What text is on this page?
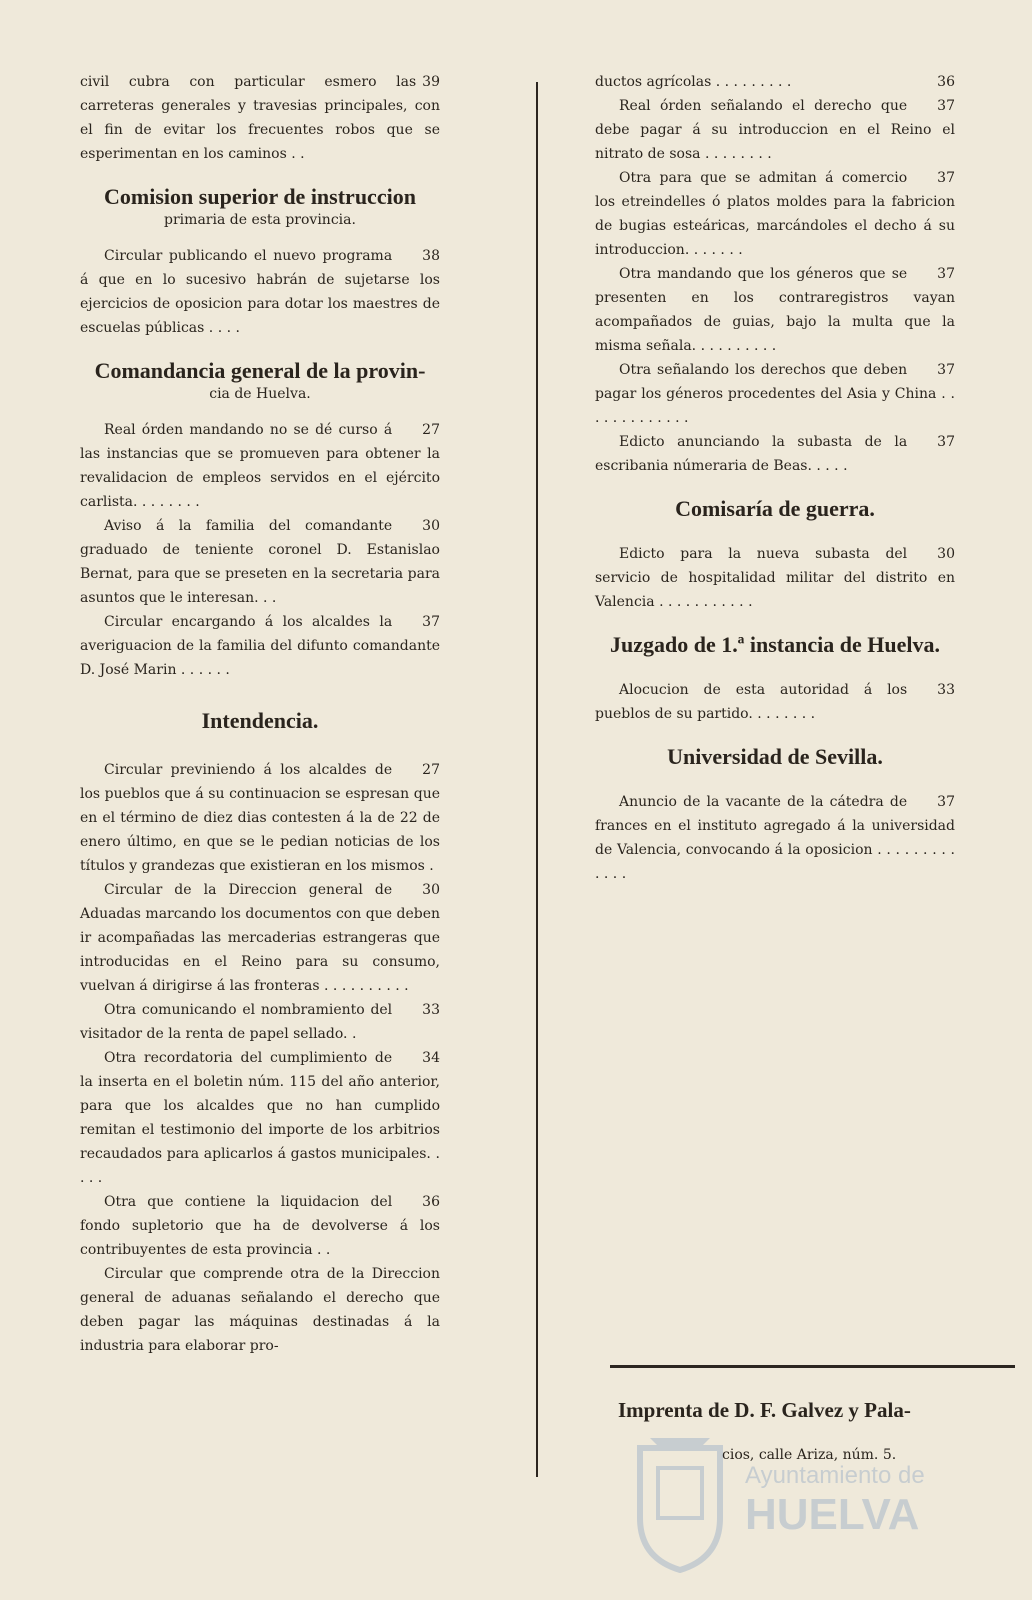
39
civil cubra con particular esmero las carreteras generales y travesias principales, con el fin de evitar los frecuentes robos que se esperimentan en los caminos . .

Comision superior de instruccion
primaria de esta provincia.

38
Circular publicando el nuevo programa á que en lo sucesivo habrán de sujetarse los ejercicios de oposicion para dotar los maestres de escuelas públicas . . . .

Comandancia general de la provin-
cia de Huelva.

27
Real órden mandando no se dé curso á las instancias que se promueven para obtener la revalidacion de empleos servidos en el ejército carlista. . . . . . . .

30
Aviso á la familia del comandante graduado de teniente coronel D. Estanislao Bernat, para que se preseten en la secretaria para asuntos que le interesan. . .

37
Circular encargando á los alcaldes la averiguacion de la familia del difunto comandante D. José Marin . . . . . .

Intendencia.

27
Circular previniendo á los alcaldes de los pueblos que á su continuacion se espresan que en el término de diez dias contesten á la de 22 de enero último, en que se le pedian noticias de los títulos y grandezas que existieran en los mismos .

30
Circular de la Direccion general de Aduadas marcando los documentos con que deben ir acompañadas las mercaderias estrangeras que introducidas en el Reino para su consumo, vuelvan á dirigirse á las fronteras . . . . . . . . . .

33
Otra comunicando el nombramiento del visitador de la renta de papel sellado. .

34
Otra recordatoria del cumplimiento de la inserta en el boletin núm. 115 del año anterior, para que los alcaldes que no han cumplido remitan el testimonio del importe de los arbitrios recaudados para aplicarlos á gastos municipales. . . . .

36
Otra que contiene la liquidacion del fondo supletorio que ha de devolverse á los contribuyentes de esta provincia . .

Circular que comprende otra de la Direccion general de aduanas señalando el derecho que deben pagar las máquinas destinadas á la industria para elaborar pro-

36
ductos agrícolas . . . . . . . . .

37
Real órden señalando el derecho que debe pagar á su introduccion en el Reino el nitrato de sosa . . . . . . . .

37
Otra para que se admitan á comercio los etreindelles ó platos moldes para la fabricion de bugias esteáricas, marcándoles el decho á su introduccion. . . . . . .

37
Otra mandando que los géneros que se presenten en los contraregistros vayan acompañados de guias, bajo la multa que la misma señala. . . . . . . . . .

37
Otra señalando los derechos que deben pagar los géneros procedentes del Asia y China . . . . . . . . . . . . .

37
Edicto anunciando la subasta de la escribania númeraria de Beas. . . . .

Comisaría de guerra.

30
Edicto para la nueva subasta del servicio de hospitalidad militar del distrito en Valencia . . . . . . . . . . .

Juzgado de 1.ª instancia de Huelva.

33
Alocucion de esta autoridad á los pueblos de su partido. . . . . . . .

Universidad de Sevilla.

37
Anuncio de la vacante de la cátedra de frances en el instituto agregado á la universidad de Valencia, convocando á la oposicion . . . . . . . . . . . . .

Imprenta de D. F. Galvez y Pala-
cios, calle Ariza, núm. 5.
Ayuntamiento de
HUELVA
